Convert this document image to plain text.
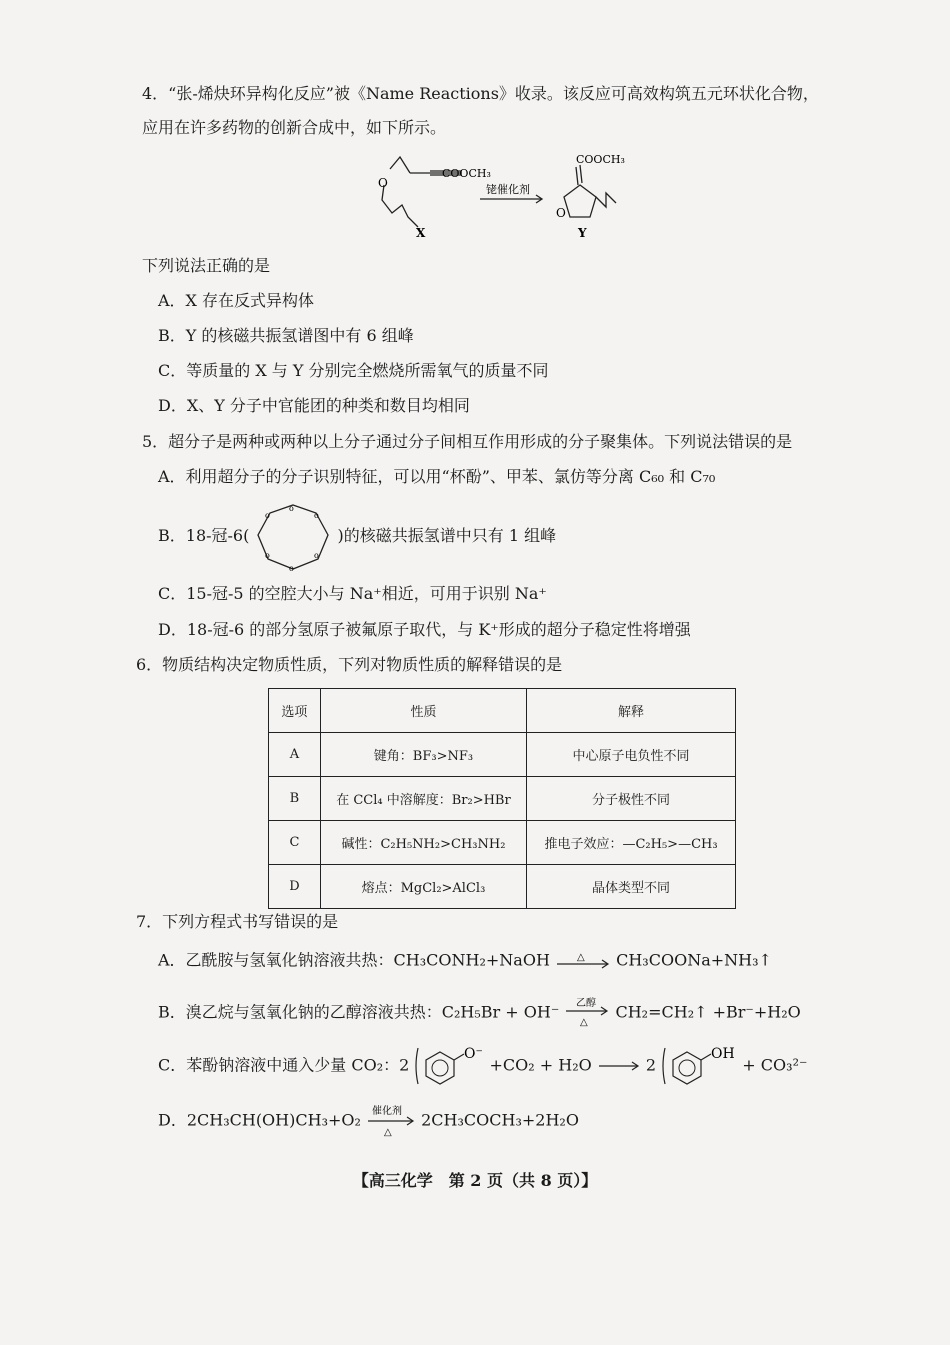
4．“张-烯炔环异构化反应”被《Name Reactions》收录。该反应可高效构筑五元环状化合物，
应用在许多药物的创新合成中，如下所示。
O
COOCH₃
X
铑催化剂
COOCH₃
O
Y
下列说法正确的是
A．X 存在反式异构体
B．Y 的核磁共振氢谱图中有 6 组峰
C．等质量的 X 与 Y 分别完全燃烧所需氧气的质量不同
D．X、Y 分子中官能团的种类和数目均相同
5．超分子是两种或两种以上分子通过分子间相互作用形成的分子聚集体。下列说法错误的是
A．利用超分子的分子识别特征，可以用“杯酚”、甲苯、氯仿等分离 C₆₀ 和 C₇₀
B．18-冠-6(
o
o
o
o
o
o
)的核磁共振氢谱中只有 1 组峰
C．15-冠-5 的空腔大小与 Na⁺相近，可用于识别 Na⁺
D．18-冠-6 的部分氢原子被氟原子取代，与 K⁺形成的超分子稳定性将增强
6．物质结构决定物质性质，下列对物质性质的解释错误的是
选项	性质	解释
A	键角：BF₃>NF₃	中心原子电负性不同
B	在 CCl₄ 中溶解度：Br₂>HBr	分子极性不同
C	碱性：C₂H₅NH₂>CH₃NH₂	推电子效应：—C₂H₅>—CH₃
D	熔点：MgCl₂>AlCl₃	晶体类型不同
7．下列方程式书写错误的是
A．乙酰胺与氢氧化钠溶液共热：CH₃CONH₂+NaOH	△ CH₃COONa+NH₃↑
B．溴乙烷与氢氧化钠的乙醇溶液共热：C₂H₅Br + OH⁻ 乙醇
△
CH₂=CH₂↑ +Br⁻+H₂O
C．苯酚钠溶液中通入少量 CO₂：2
O⁻
+CO₂ + H₂O	2
OH
+ CO₃²⁻
D．2CH₃CH(OH)CH₃+O₂ 催化剂
△
2CH₃COCH₃+2H₂O
【高三化学　第 2 页（共 8 页）】
